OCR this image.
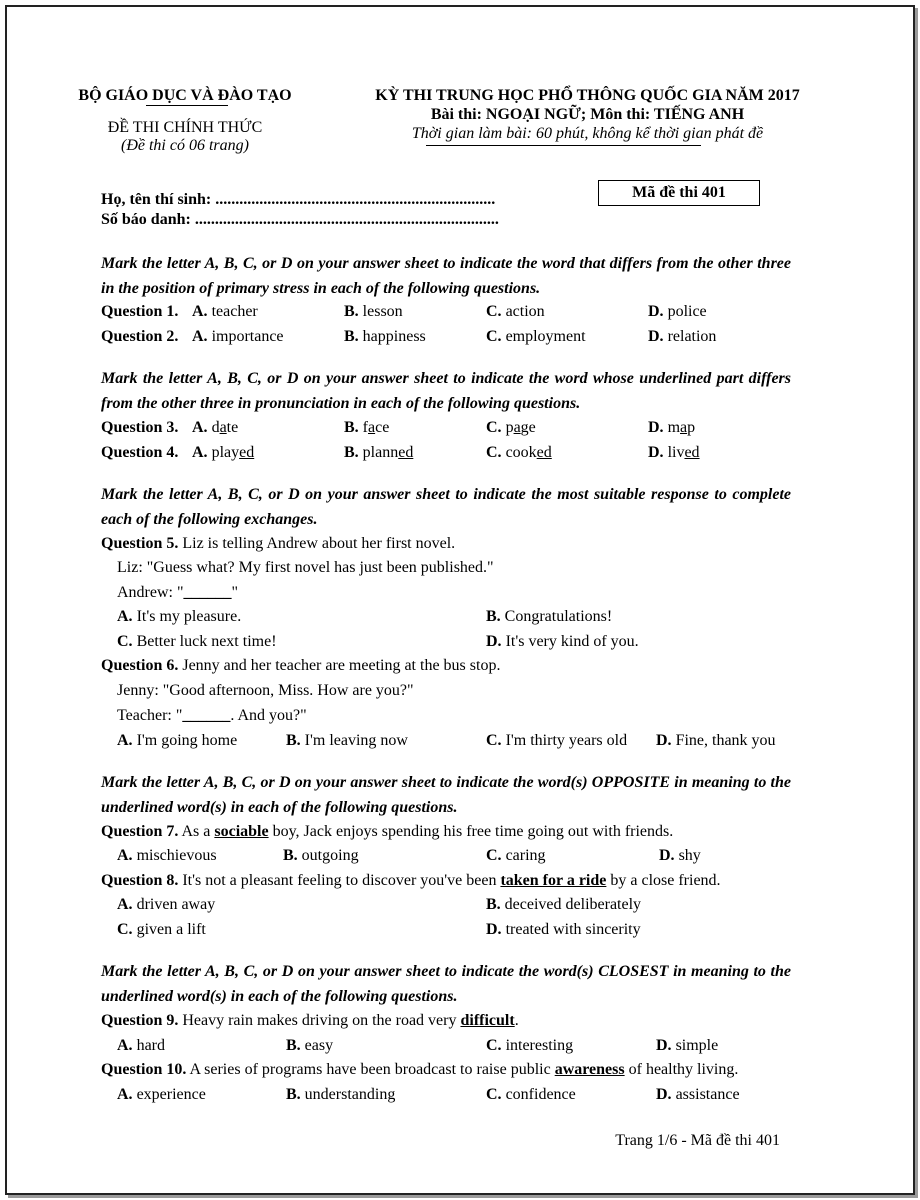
BỘ GIÁO DỤC VÀ ĐÀO TẠO
ĐỀ THI CHÍNH THỨC
(Đề thi có 06 trang)
KỲ THI TRUNG HỌC PHỔ THÔNG QUỐC GIA NĂM 2017
Bài thi: NGOẠI NGỮ; Môn thi: TIẾNG ANH
Thời gian làm bài: 60 phút, không kể thời gian phát đề
Họ, tên thí sinh: ......................................................................
Số báo danh: ............................................................................
Mã đề thi 401
Mark the letter A, B, C, or D on your answer sheet to indicate the word that differs from the other three in the position of primary stress in each of the following questions.
Question 1. A. teacher	B. lesson	C. action	D. police
Question 2. A. importance	B. happiness	C. employment	D. relation
Mark the letter A, B, C, or D on your answer sheet to indicate the word whose underlined part differs from the other three in pronunciation in each of the following questions.
Question 3. A. date	B. face	C. page	D. map
Question 4. A. played	B. planned	C. cooked	D. lived
Mark the letter A, B, C, or D on your answer sheet to indicate the most suitable response to complete each of the following exchanges.
Question 5. Liz is telling Andrew about her first novel.
Liz: "Guess what? My first novel has just been published."
Andrew: "______"
A. It's my pleasure.	B. Congratulations!
C. Better luck next time!	D. It's very kind of you.
Question 6. Jenny and her teacher are meeting at the bus stop.
Jenny: "Good afternoon, Miss. How are you?"
Teacher: "______. And you?"
A. I'm going home	B. I'm leaving now	C. I'm thirty years old D. Fine, thank you
Mark the letter A, B, C, or D on your answer sheet to indicate the word(s) OPPOSITE in meaning to the underlined word(s) in each of the following questions.
Question 7. As a sociable boy, Jack enjoys spending his free time going out with friends.
A. mischievous	B. outgoing	C. caring	D. shy
Question 8. It's not a pleasant feeling to discover you've been taken for a ride by a close friend.
A. driven away	B. deceived deliberately
C. given a lift	D. treated with sincerity
Mark the letter A, B, C, or D on your answer sheet to indicate the word(s) CLOSEST in meaning to the underlined word(s) in each of the following questions.
Question 9. Heavy rain makes driving on the road very difficult.
A. hard	B. easy	C. interesting	D. simple
Question 10. A series of programs have been broadcast to raise public awareness of healthy living.
A. experience	B. understanding	C. confidence	D. assistance
Trang 1/6 - Mã đề thi 401
